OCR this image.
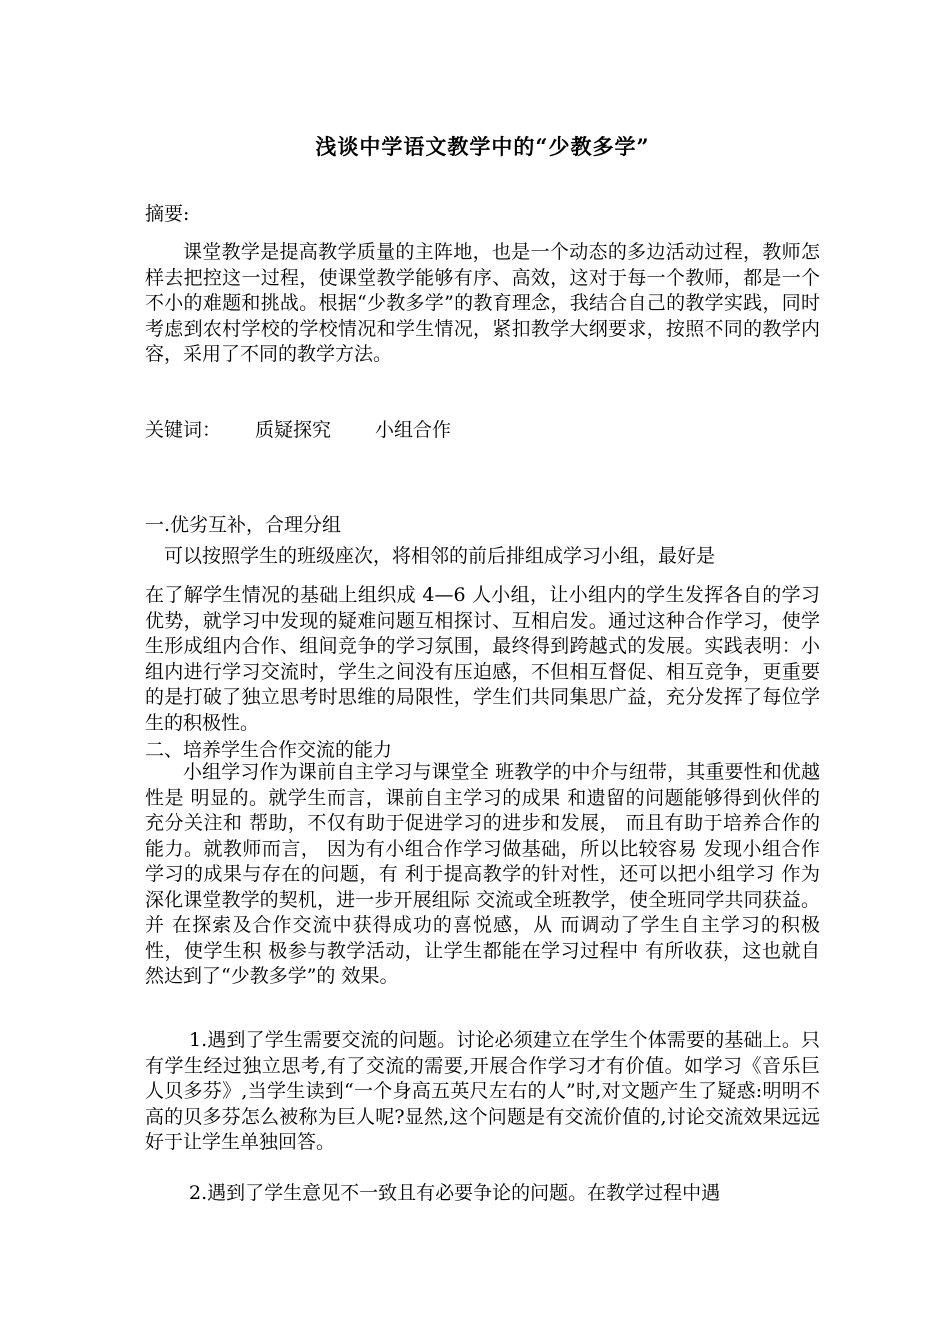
浅谈中学语文教学中的“少教多学”

摘要:

课堂教学是提高教学质量的主阵地，也是一个动态的多边活动过程，教师怎样去把控这一过程，使课堂教学能够有序、高效，这对于每一个教师，都是一个不小的难题和挑战。根据“少教多学”的教育理念，我结合自己的教学实践，同时考虑到农村学校的学校情况和学生情况，紧扣教学大纲要求，按照不同的教学内容，采用了不同的教学方法。

关键词： 质疑探究 小组合作

一.优劣互补，合理分组

可以按照学生的班级座次，将相邻的前后排组成学习小组，最好是

在了解学生情况的基础上组织成 4—6 人小组，让小组内的学生发挥各自的学习优势，就学习中发现的疑难问题互相探讨、互相启发。通过这种合作学习，使学生形成组内合作、组间竞争的学习氛围，最终得到跨越式的发展。实践表明：小组内进行学习交流时，学生之间没有压迫感，不但相互督促、相互竞争，更重要的是打破了独立思考时思维的局限性，学生们共同集思广益，充分发挥了每位学生的积极性。

二、培养学生合作交流的能力

小组学习作为课前自主学习与课堂全 班教学的中介与纽带，其重要性和优越性是 明显的。就学生而言，课前自主学习的成果 和遗留的问题能够得到伙伴的充分关注和 帮助，不仅有助于促进学习的进步和发展， 而且有助于培养合作的能力。就教师而言， 因为有小组合作学习做基础，所以比较容易 发现小组合作学习的成果与存在的问题，有 利于提高教学的针对性，还可以把小组学习 作为深化课堂教学的契机，进一步开展组际 交流或全班教学，使全班同学共同获益。并 在探索及合作交流中获得成功的喜悦感，从 而调动了学生自主学习的积极性，使学生积 极参与教学活动，让学生都能在学习过程中 有所收获，这也就自然达到了“少教多学”的 效果。

1.遇到了学生需要交流的问题。讨论必须建立在学生个体需要的基础上。只有学生经过独立思考,有了交流的需要,开展合作学习才有价值。如学习《音乐巨人贝多芬》,当学生读到“一个身高五英尺左右的人”时,对文题产生了疑惑:明明不高的贝多芬怎么被称为巨人呢?显然,这个问题是有交流价值的,讨论交流效果远远好于让学生单独回答。

2.遇到了学生意见不一致且有必要争论的问题。在教学过程中遇
